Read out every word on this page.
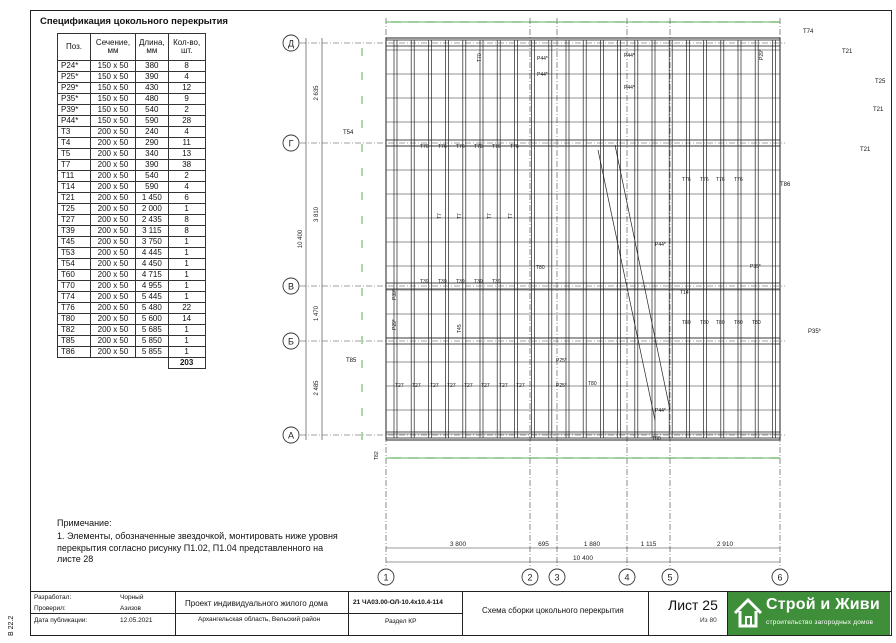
Спецификация цокольного перекрытия
Поз.	Сечение, мм	Длина, мм	Кол-во, шт.
P24*	150 x 50	380	8
P25*	150 x 50	390	4
P29*	150 x 50	430	12
P35*	150 x 50	480	9
P39*	150 x 50	540	2
P44*	150 x 50	590	28
T3	200 x 50	240	4
T4	200 x 50	290	11
T5	200 x 50	340	13
T7	200 x 50	390	38
T11	200 x 50	540	2
T14	200 x 50	590	4
T21	200 x 50	1 450	6
T25	200 x 50	2 000	1
T27	200 x 50	2 435	8
T39	200 x 50	3 115	8
T45	200 x 50	3 750	1
T53	200 x 50	4 445	1
T54	200 x 50	4 450	1
T60	200 x 50	4 715	1
T70	200 x 50	4 955	1
T74	200 x 50	5 445	1
T76	200 x 50	5 480	22
T80	200 x 50	5 600	14
T82	200 x 50	5 685	1
T85	200 x 50	5 850	1
T86	200 x 50	5 855	1
			203
Примечание:
1. Элементы, обозначенные звездочкой, монтировать ниже уровня перекрытия согласно рисунку П1.02, П1.04 представленного на листе 28
T74
T21
T25
T21
T21
T54
T86
T85
T82
P35*
P35*
T27 T27 T27 T27 T27 T27 T27 T27
T39 T39 T39 T39 T39
T76 T76 T76 T76 T76 T76
T76 T76 T76 T76
T80 T80 T80 T80 T80
T7	T7	T7	T7
P44*
P44*
P44*
P44*
P44*
P44*
T14
T45
T70
P25*
P25*
P39*
P29*
P29*
T80
T80
T80
Д
Г
В
Б
А
1	2 3	4	5	6
2 635
3 810
1 470
2 485
10 400
3 800	695	1 880	1 115	2 910
10 400
Разработал:	Чорный
Проверил:	Азизов
Дата публикации:	12.05.2021
Проект индивидуального жилого дома
Архангельская область, Вельский район
21 ЧА03.00-ОЛ-10.4х10.4-114
Раздел КР
Схема сборки цокольного перекрытия	Лист 25
Из 80
В 22.2
Строй и Живи
строительство загородных домов
